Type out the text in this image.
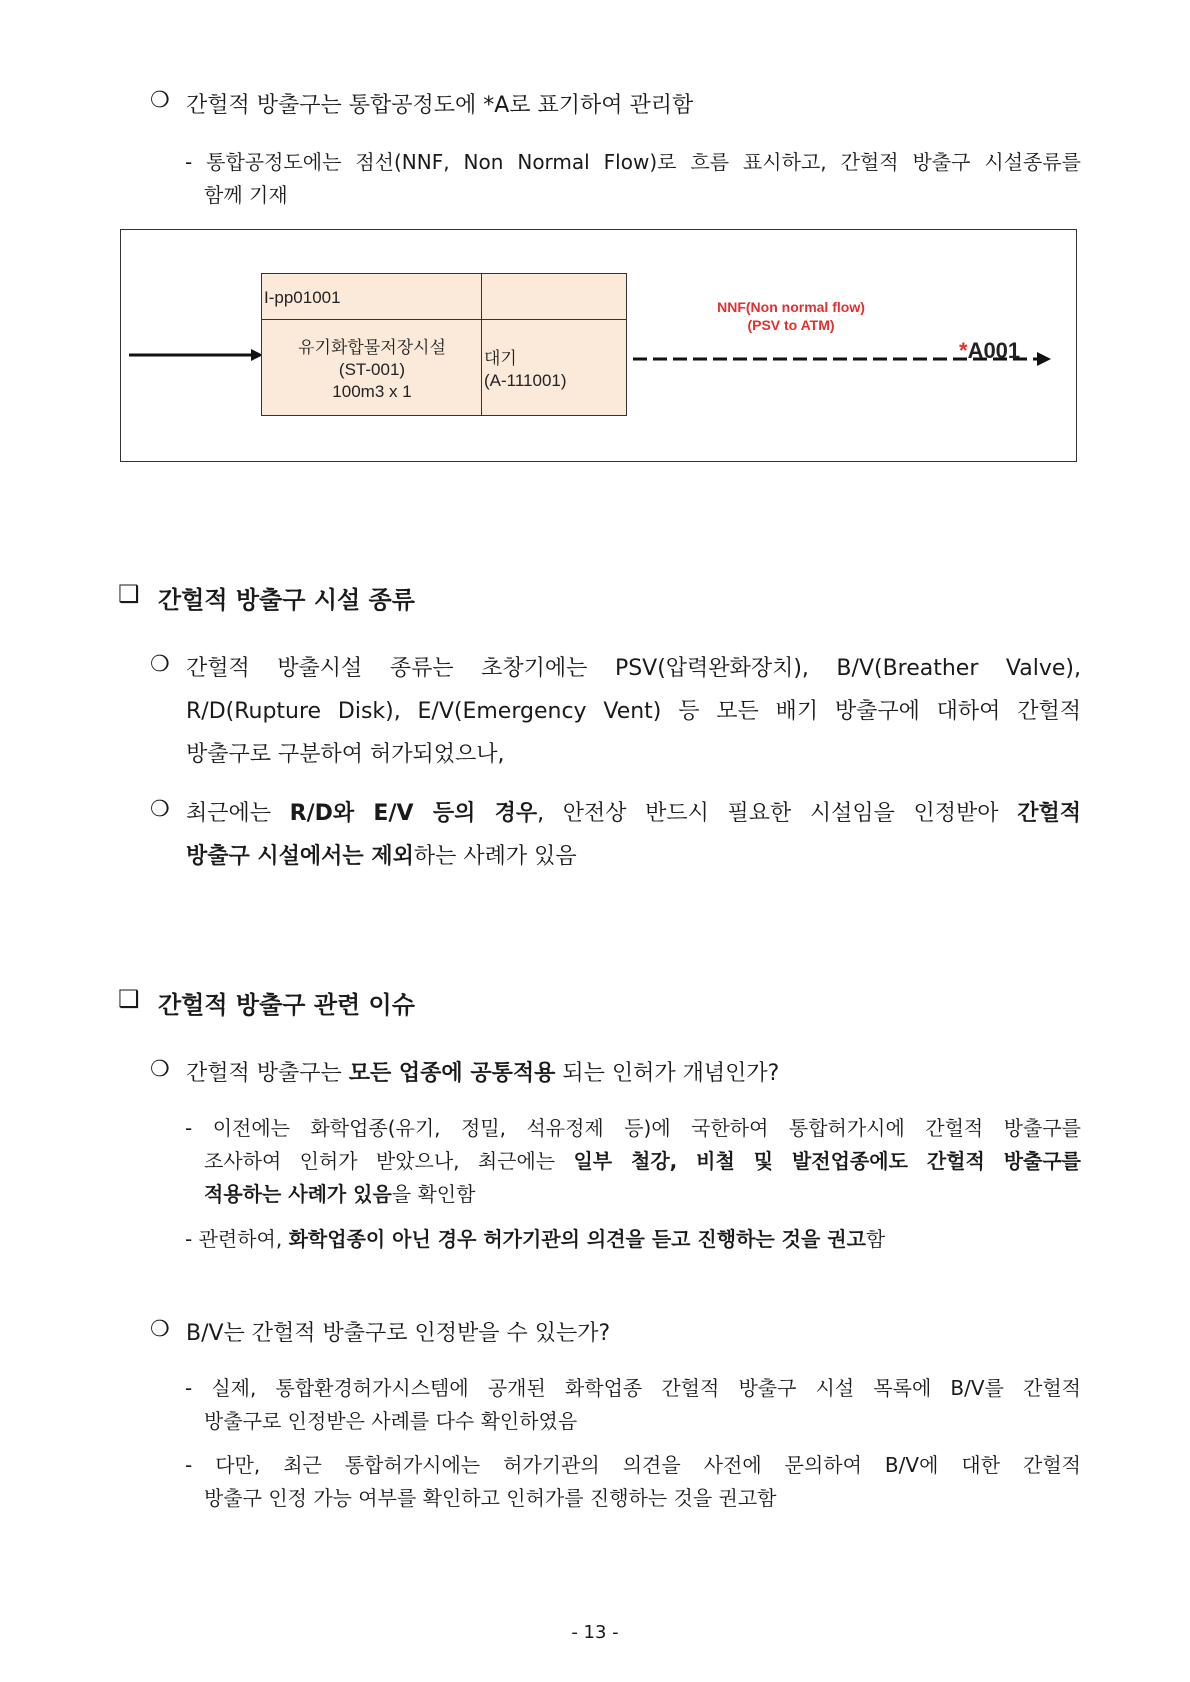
❍ 간헐적 방출구는 통합공정도에 *A로 표기하여 관리함
- 통합공정도에는 점선(NNF, Non Normal Flow)로 흐름 표시하고, 간헐적 방출구 시설종류를
함께 기재
I-pp01001
유기화합물저장시설
(ST-001)
100m3 x 1
대기
(A-111001)
NNF(Non normal flow)
(PSV to ATM)
*A001
❑ 간헐적 방출구 시설 종류
❍ 간헐적 방출시설 종류는 초창기에는 PSV(압력완화장치), B/V(Breather Valve),
R/D(Rupture Disk), E/V(Emergency Vent) 등 모든 배기 방출구에 대하여 간헐적
방출구로 구분하여 허가되었으나,
❍ 최근에는 R/D와 E/V 등의 경우, 안전상 반드시 필요한 시설임을 인정받아 간헐적
방출구 시설에서는 제외하는 사례가 있음
❑ 간헐적 방출구 관련 이슈
❍ 간헐적 방출구는 모든 업종에 공통적용 되는 인허가 개념인가?
- 이전에는 화학업종(유기, 정밀, 석유정제 등)에 국한하여 통합허가시에 간헐적 방출구를
조사하여 인허가 받았으나, 최근에는 일부 철강, 비철 및 발전업종에도 간헐적 방출구를
적용하는 사례가 있음을 확인함
- 관련하여, 화학업종이 아닌 경우 허가기관의 의견을 듣고 진행하는 것을 권고함
❍ B/V는 간헐적 방출구로 인정받을 수 있는가?
- 실제, 통합환경허가시스템에 공개된 화학업종 간헐적 방출구 시설 목록에 B/V를 간헐적
방출구로 인정받은 사례를 다수 확인하였음
- 다만, 최근 통합허가시에는 허가기관의 의견을 사전에 문의하여 B/V에 대한 간헐적
방출구 인정 가능 여부를 확인하고 인허가를 진행하는 것을 권고함
- 13 -
